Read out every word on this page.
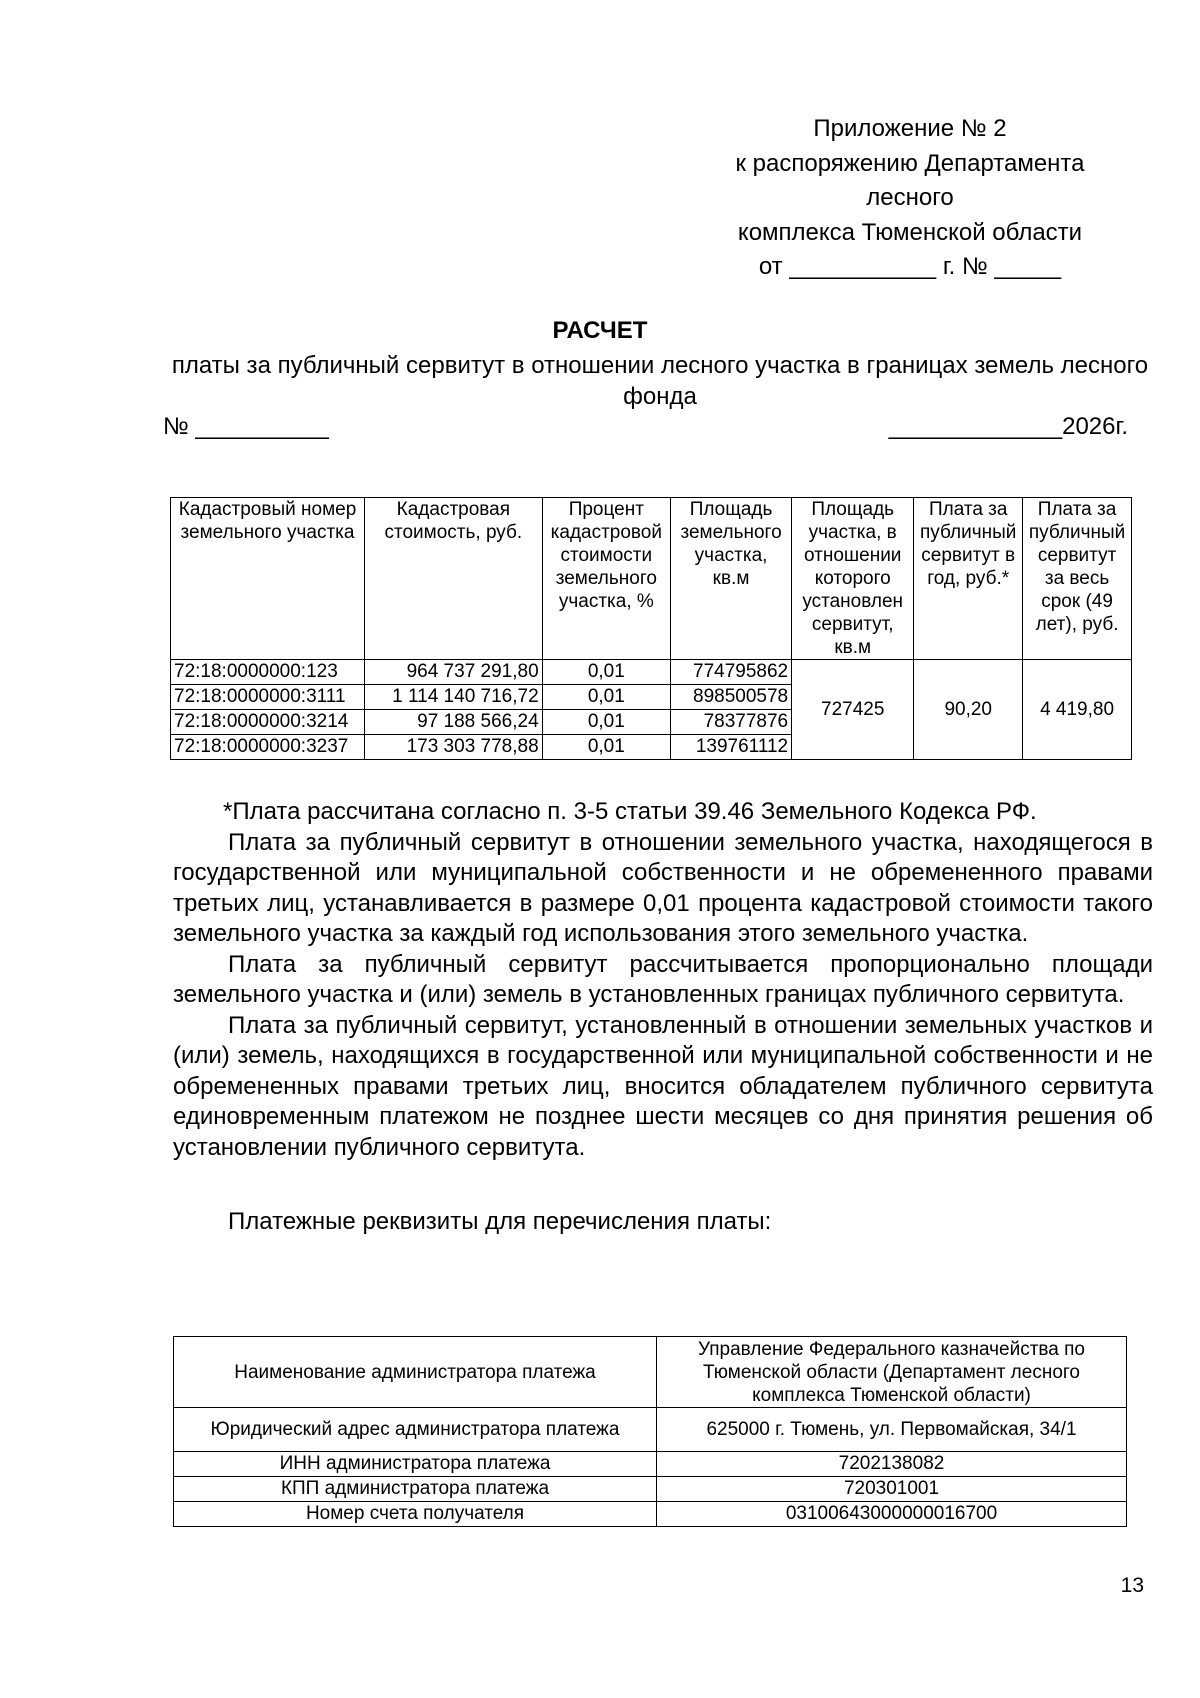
Приложение № 2
к распоряжению Департамента
лесного
комплекса Тюменской области
от ___________ г. № _____
РАСЧЕТ
платы за публичный сервитут в отношении лесного участка в границах земель лесного фонда
№ __________	_____________2026г.
Кадастровый номер земельного участка	Кадастровая стоимость, руб.	Процент кадастровой стоимости земельного участка, %	Площадь земельного участка, кв.м	Площадь участка, в отношении которого установлен сервитут, кв.м	Плата за публичный сервитут в год, руб.*	Плата за публичный сервитут за весь срок (49 лет), руб.
72:18:0000000:123	964 737 291,80	0,01	774795862	727425	90,20	4 419,80
72:18:0000000:3111	1 114 140 716,72	0,01	898500578			
72:18:0000000:3214	97 188 566,24	0,01	78377876			
72:18:0000000:3237	173 303 778,88	0,01	139761112			

*Плата рассчитана согласно п. 3-5 статьи 39.46 Земельного Кодекса РФ.

Плата за публичный сервитут в отношении земельного участка, находящегося в государственной или муниципальной собственности и не обремененного правами третьих лиц, устанавливается в размере 0,01 процента кадастровой стоимости такого земельного участка за каждый год использования этого земельного участка.

Плата за публичный сервитут рассчитывается пропорционально площади земельного участка и (или) земель в установленных границах публичного сервитута.

Плата за публичный сервитут, установленный в отношении земельных участков и (или) земель, находящихся в государственной или муниципальной собственности и не обремененных правами третьих лиц, вносится обладателем публичного сервитута единовременным платежом не позднее шести месяцев со дня принятия решения об установлении публичного сервитута.

Платежные реквизиты для перечисления платы:

Наименование администратора платежа	Управление Федерального казначейства по Тюменской области (Департамент лесного комплекса Тюменской области)
Юридический адрес администратора платежа	625000 г. Тюмень, ул. Первомайская, 34/1
ИНН администратора платежа	7202138082
КПП администратора платежа	720301001
Номер счета получателя	03100643000000016700
13
